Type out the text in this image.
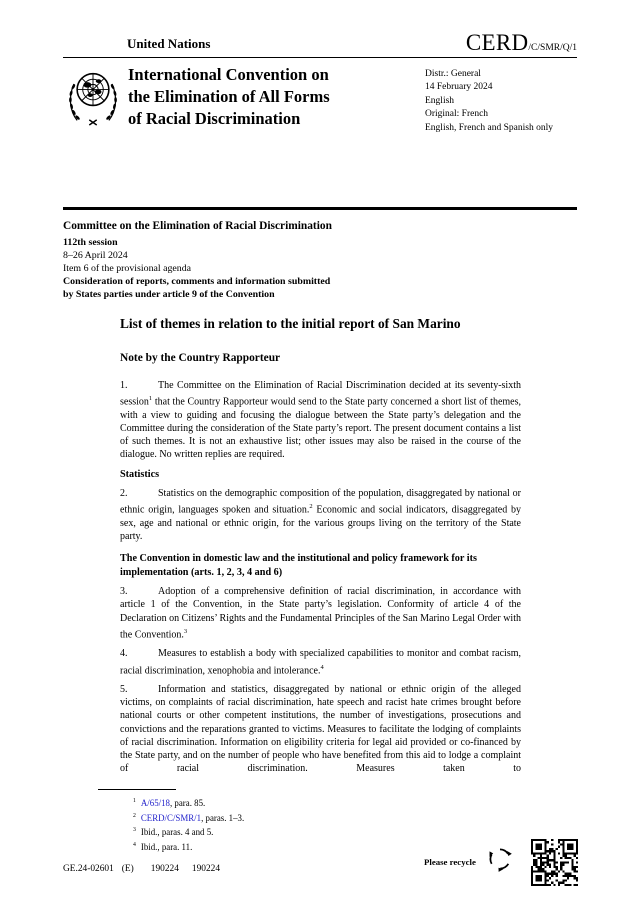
United Nations	CERD/C/SMR/Q/1
International Convention on
the Elimination of All Forms
of Racial Discrimination
Distr.: General
14 February 2024
English
Original: French
English, French and Spanish only
Committee on the Elimination of Racial Discrimination
112th session
8–26 April 2024
Item 6 of the provisional agenda
Consideration of reports, comments and information submitted
by States parties under article 9 of the Convention
List of themes in relation to the initial report of San Marino
Note by the Country Rapporteur

1.	The Committee on the Elimination of Racial Discrimination decided at its seventy-sixth session$^1$ that the Country Rapporteur would send to the State party concerned a short list of themes, with a view to guiding and focusing the dialogue between the State party’s delegation and the Committee during the consideration of the State party’s report. The present document contains a list of such themes. It is not an exhaustive list; other issues may also be raised in the course of the dialogue. No written replies are required.

Statistics

2.	Statistics on the demographic composition of the population, disaggregated by national or ethnic origin, languages spoken and situation.$^2$ Economic and social indicators, disaggregated by sex, age and national or ethnic origin, for the various groups living on the territory of the State party.

The Convention in domestic law and the institutional and policy framework for its implementation (arts. 1, 2, 3, 4 and 6)

3.	Adoption of a comprehensive definition of racial discrimination, in accordance with article 1 of the Convention, in the State party’s legislation. Conformity of article 4 of the Declaration on Citizens’ Rights and the Fundamental Principles of the San Marino Legal Order with the Convention.$^3$

4.	Measures to establish a body with specialized capabilities to monitor and combat racism, racial discrimination, xenophobia and intolerance.$^4$

5.	Information and statistics, disaggregated by national or ethnic origin of the alleged victims, on complaints of racial discrimination, hate speech and racist hate crimes brought before national courts or other competent institutions, the number of investigations, prosecutions and convictions and the reparations granted to victims. Measures to facilitate the lodging of complaints of racial discrimination. Information on eligibility criteria for legal aid provided or co-financed by the State party, and on the number of people who have benefited from this aid to lodge a complaint of racial discrimination. Measures taken to

$^1$ A/65/18, para. 85.
$^2$ CERD/C/SMR/1, paras. 1–3.
$^3$ Ibid., paras. 4 and 5.
$^4$ Ibid., para. 11.
GE.24-02601 (E) 190224 190224
Please recycle
